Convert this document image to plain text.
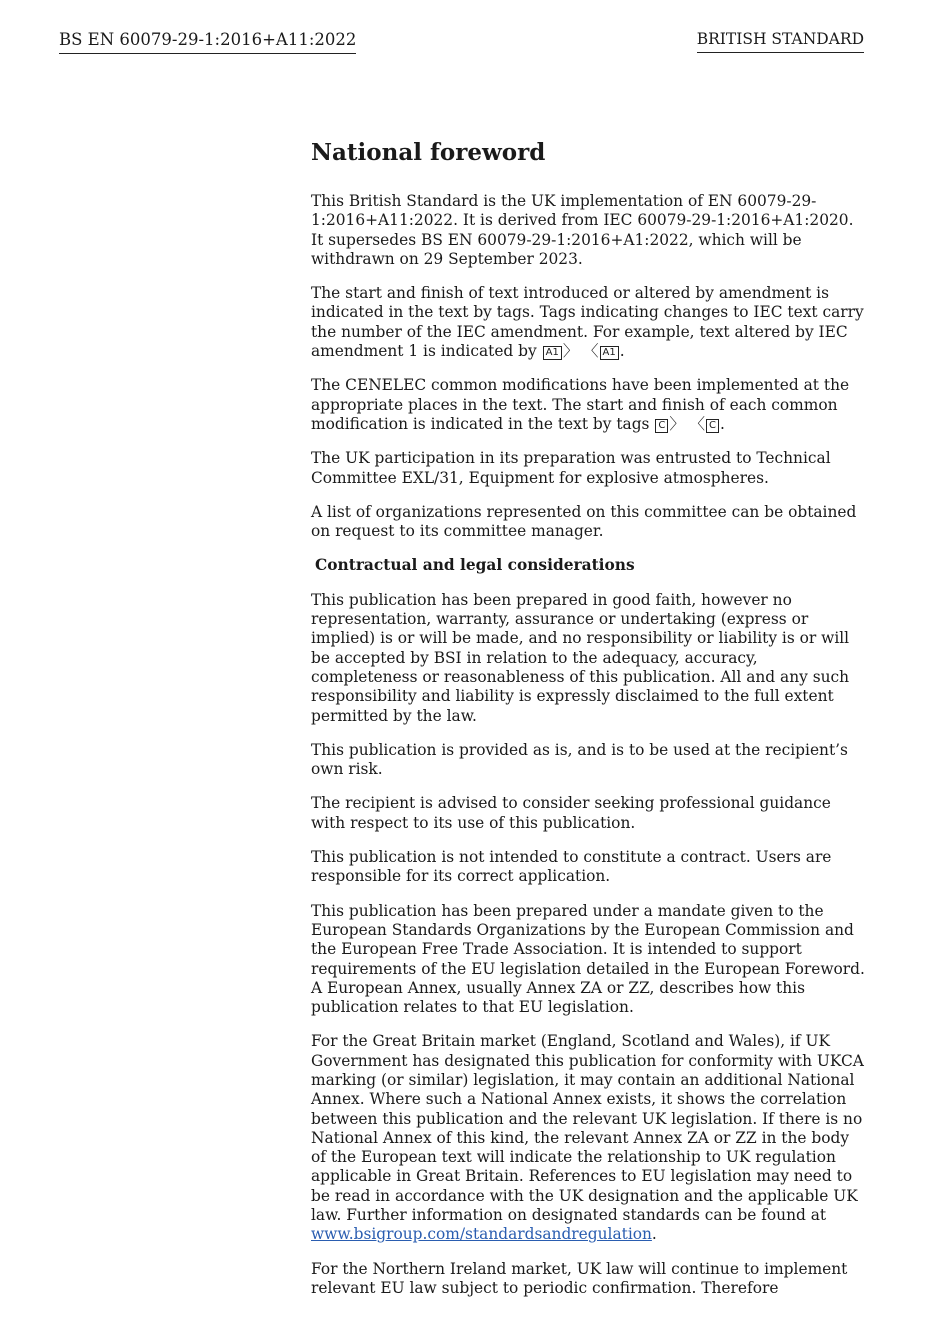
BS EN 60079-29-1:2016+A11:2022	BRITISH STANDARD
National foreword

This British Standard is the UK implementation of EN 60079-29-1:2016+A11:2022. It is derived from IEC 60079-29-1:2016+A1:2020. It supersedes BS EN 60079-29-1:2016+A1:2022, which will be withdrawn on 29 September 2023.

The start and finish of text introduced or altered by amendment is indicated in the text by tags. Tags indicating changes to IEC text carry the number of the IEC amendment. For example, text altered by IEC amendment 1 is indicated by A1 〉 〈 A1 .

The CENELEC common modifications have been implemented at the appropriate places in the text. The start and finish of each common modification is indicated in the text by tags C 〉 〈 C .

The UK participation in its preparation was entrusted to Technical Committee EXL/31, Equipment for explosive atmospheres.

A list of organizations represented on this committee can be obtained on request to its committee manager.

Contractual and legal considerations

This publication has been prepared in good faith, however no representation, warranty, assurance or undertaking (express or implied) is or will be made, and no responsibility or liability is or will be accepted by BSI in relation to the adequacy, accuracy, completeness or reasonableness of this publication. All and any such responsibility and liability is expressly disclaimed to the full extent permitted by the law.

This publication is provided as is, and is to be used at the recipient’s own risk.

The recipient is advised to consider seeking professional guidance with respect to its use of this publication.

This publication is not intended to constitute a contract. Users are responsible for its correct application.

This publication has been prepared under a mandate given to the European Standards Organizations by the European Commission and the European Free Trade Association. It is intended to support requirements of the EU legislation detailed in the European Foreword. A European Annex, usually Annex ZA or ZZ, describes how this publication relates to that EU legislation.

For the Great Britain market (England, Scotland and Wales), if UK Government has designated this publication for conformity with UKCA marking (or similar) legislation, it may contain an additional National Annex. Where such a National Annex exists, it shows the correlation between this publication and the relevant UK legislation. If there is no National Annex of this kind, the relevant Annex ZA or ZZ in the body of the European text will indicate the relationship to UK regulation applicable in Great Britain. References to EU legislation may need to be read in accordance with the UK designation and the applicable UK law. Further information on designated standards can be found at www.bsigroup.com/standardsandregulation.

For the Northern Ireland market, UK law will continue to implement relevant EU law subject to periodic confirmation. Therefore
